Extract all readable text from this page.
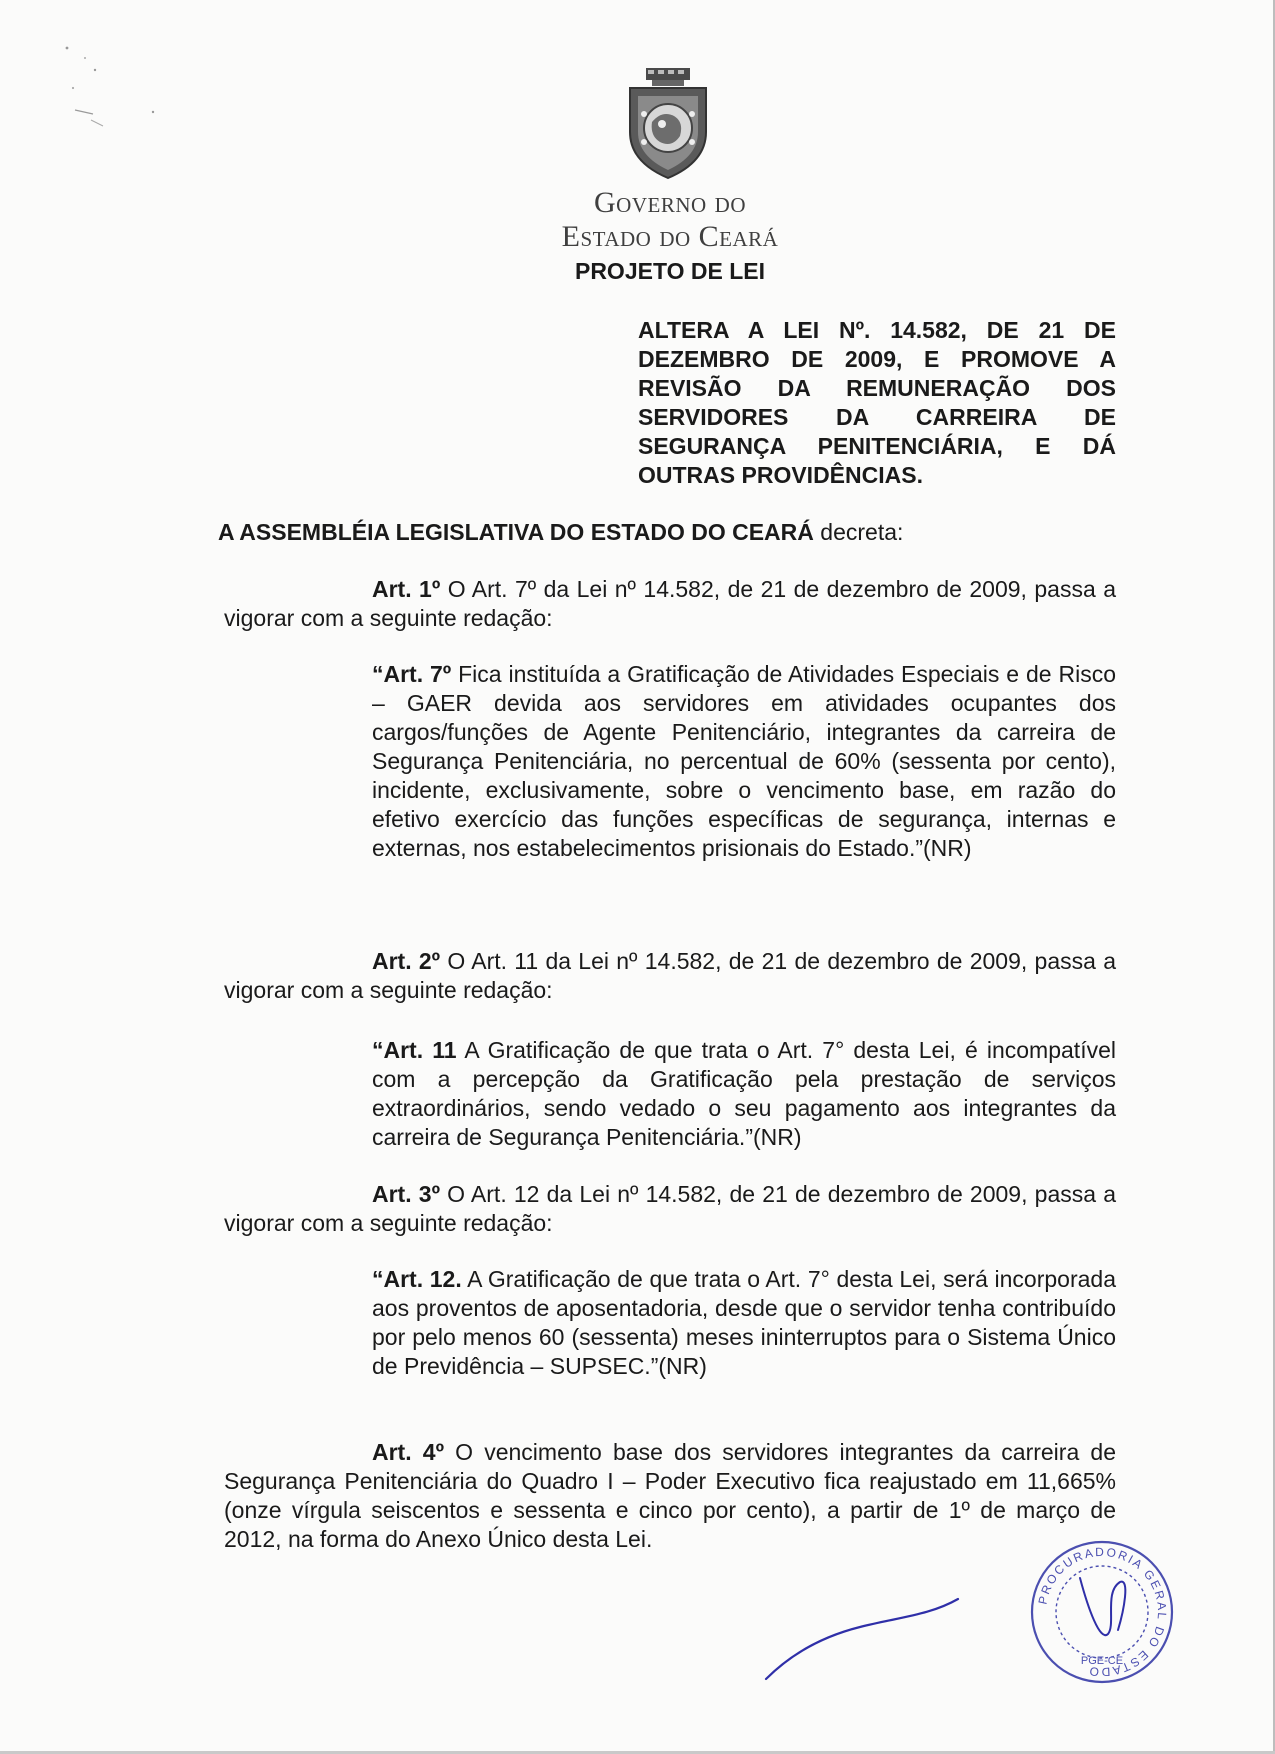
Governo do
Estado do Ceará
PROJETO DE LEI
ALTERA A LEI Nº. 14.582, DE 21 DE DEZEMBRO DE 2009, E PROMOVE A REVISÃO DA REMUNERAÇÃO DOS SERVIDORES DA CARREIRA DE SEGURANÇA PENITENCIÁRIA, E DÁ OUTRAS PROVIDÊNCIAS.
A ASSEMBLÉIA LEGISLATIVA DO ESTADO DO CEARÁ decreta:
Art. 1º O Art. 7º da Lei nº 14.582, de 21 de dezembro de 2009, passa a vigorar com a seguinte redação:
“Art. 7º Fica instituída a Gratificação de Atividades Especiais e de Risco – GAER devida aos servidores em atividades ocupantes dos cargos/funções de Agente Penitenciário, integrantes da carreira de Segurança Penitenciária, no percentual de 60% (sessenta por cento), incidente, exclusivamente, sobre o vencimento base, em razão do efetivo exercício das funções específicas de segurança, internas e externas, nos estabelecimentos prisionais do Estado.”(NR)
Art. 2º O Art. 11 da Lei nº 14.582, de 21 de dezembro de 2009, passa a vigorar com a seguinte redação:
“Art. 11 A Gratificação de que trata o Art. 7° desta Lei, é incompatível com a percepção da Gratificação pela prestação de serviços extraordinários, sendo vedado o seu pagamento aos integrantes da carreira de Segurança Penitenciária.”(NR)
Art. 3º O Art. 12 da Lei nº 14.582, de 21 de dezembro de 2009, passa a vigorar com a seguinte redação:
“Art. 12. A Gratificação de que trata o Art. 7° desta Lei, será incorporada aos proventos de aposentadoria, desde que o servidor tenha contribuído por pelo menos 60 (sessenta) meses ininterruptos para o Sistema Único de Previdência – SUPSEC.”(NR)
Art. 4º O vencimento base dos servidores integrantes da carreira de Segurança Penitenciária do Quadro I – Poder Executivo fica reajustado em 11,665% (onze vírgula seiscentos e sessenta e cinco por cento), a partir de 1º de março de 2012, na forma do Anexo Único desta Lei.
PROCURADORIA GERAL DO ESTADO
PGE-CE
